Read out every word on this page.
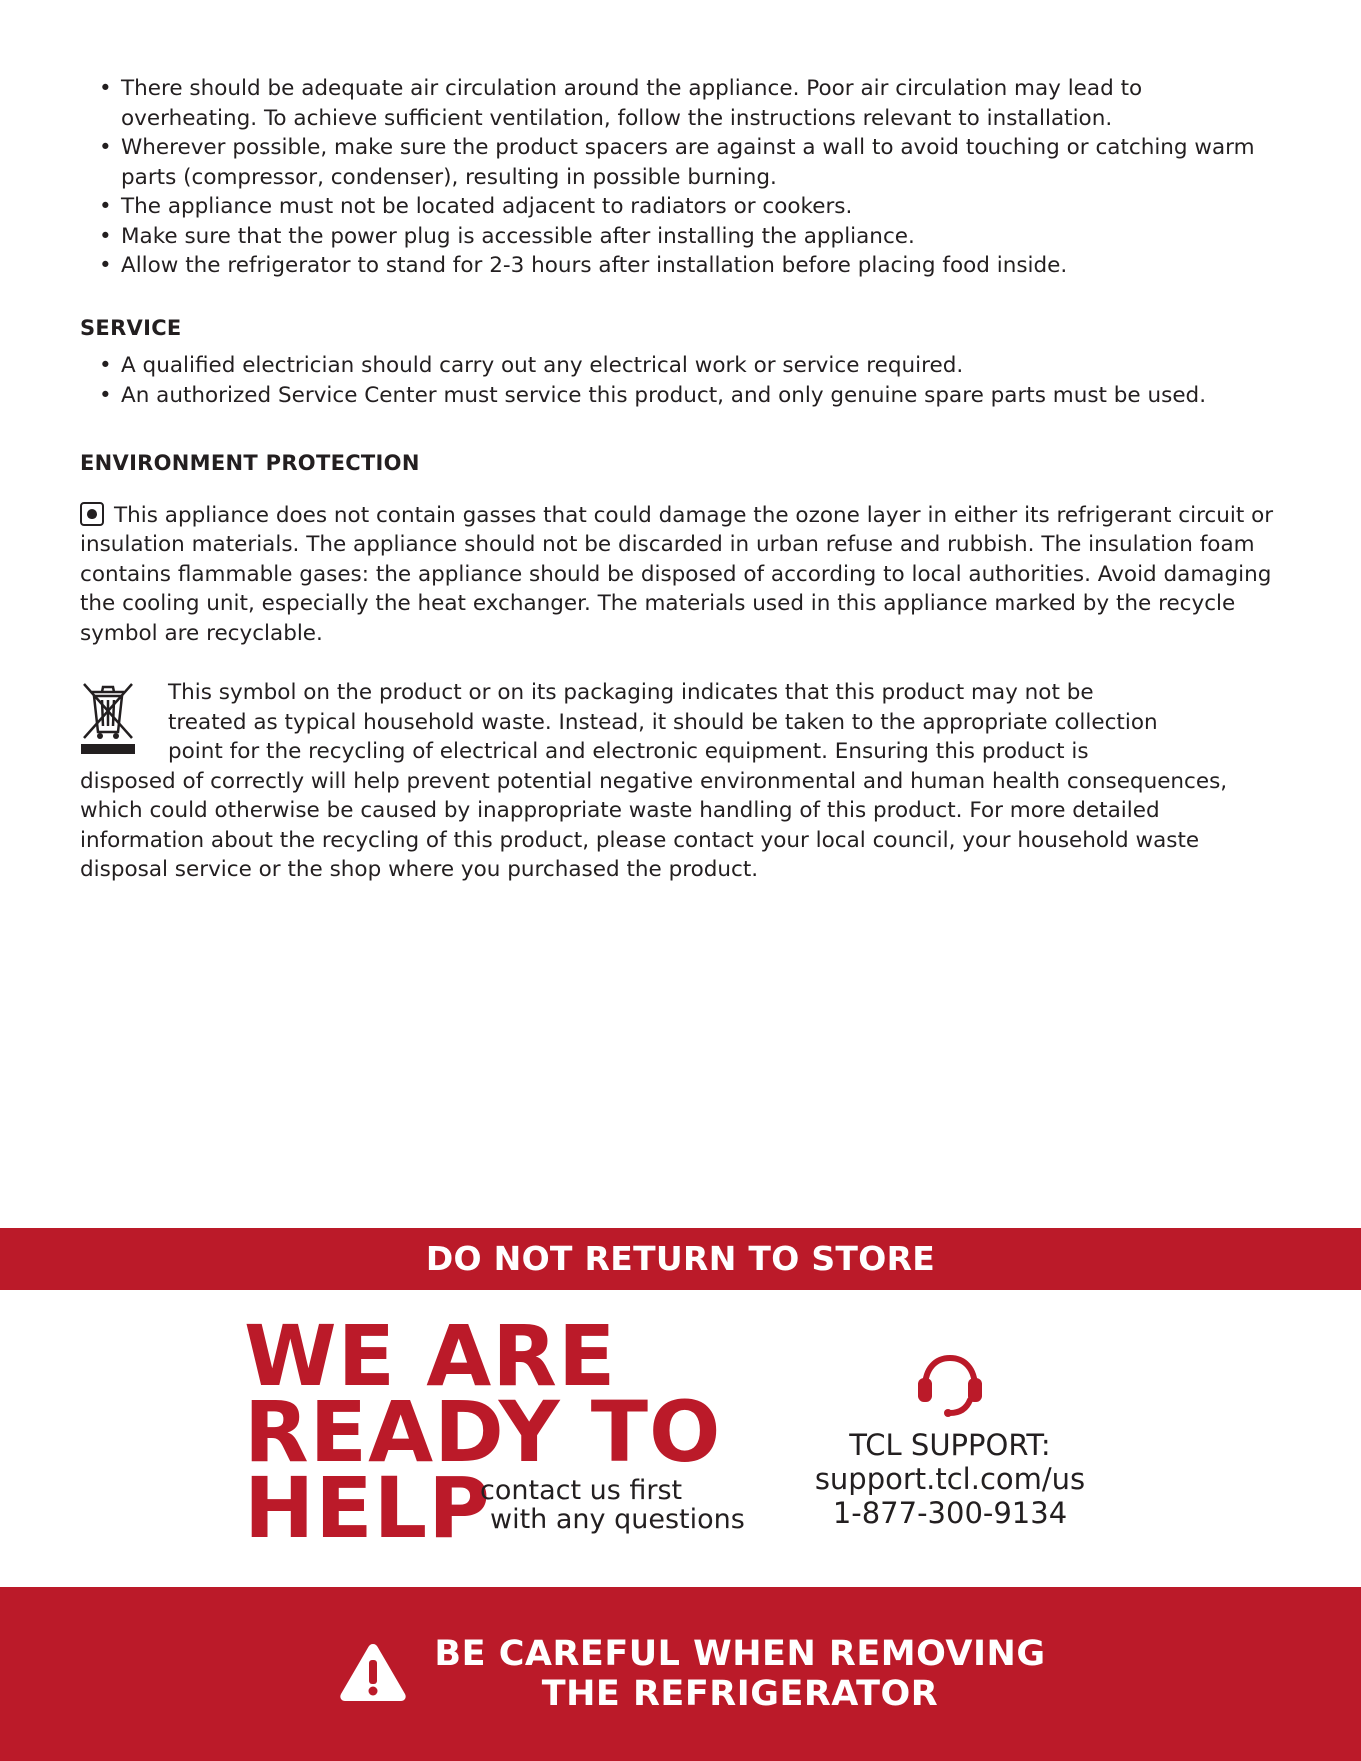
• There should be adequate air circulation around the appliance. Poor air circulation may lead to overheating. To achieve sufficient ventilation, follow the instructions relevant to installation.
• Wherever possible, make sure the product spacers are against a wall to avoid touching or catching warm parts (compressor, condenser), resulting in possible burning.
• The appliance must not be located adjacent to radiators or cookers.
• Make sure that the power plug is accessible after installing the appliance.
• Allow the refrigerator to stand for 2-3 hours after installation before placing food inside.
SERVICE
• A qualified electrician should carry out any electrical work or service required.
• An authorized Service Center must service this product, and only genuine spare parts must be used.
ENVIRONMENT PROTECTION

This appliance does not contain gasses that could damage the ozone layer in either its refrigerant circuit or insulation materials. The appliance should not be discarded in urban refuse and rubbish. The insulation foam contains flammable gases: the appliance should be disposed of according to local authorities. Avoid damaging the cooling unit, especially the heat exchanger. The materials used in this appliance marked by the recycle symbol are recyclable.

This symbol on the product or on its packaging indicates that this product may not be

treated as typical household waste. Instead, it should be taken to the appropriate collection

point for the recycling of electrical and electronic equipment. Ensuring this product is

disposed of correctly will help prevent potential negative environmental and human health consequences, which could otherwise be caused by inappropriate waste handling of this product. For more detailed information about the recycling of this product, please contact your local council, your household waste disposal service or the shop where you purchased the product.

DO NOT RETURN TO STORE
WE ARE
READY TO
HELP
contact us first
with any questions
TCL SUPPORT:
support.tcl.com/us
1-877-300-9134
BE CAREFUL WHEN REMOVING
THE REFRIGERATOR
